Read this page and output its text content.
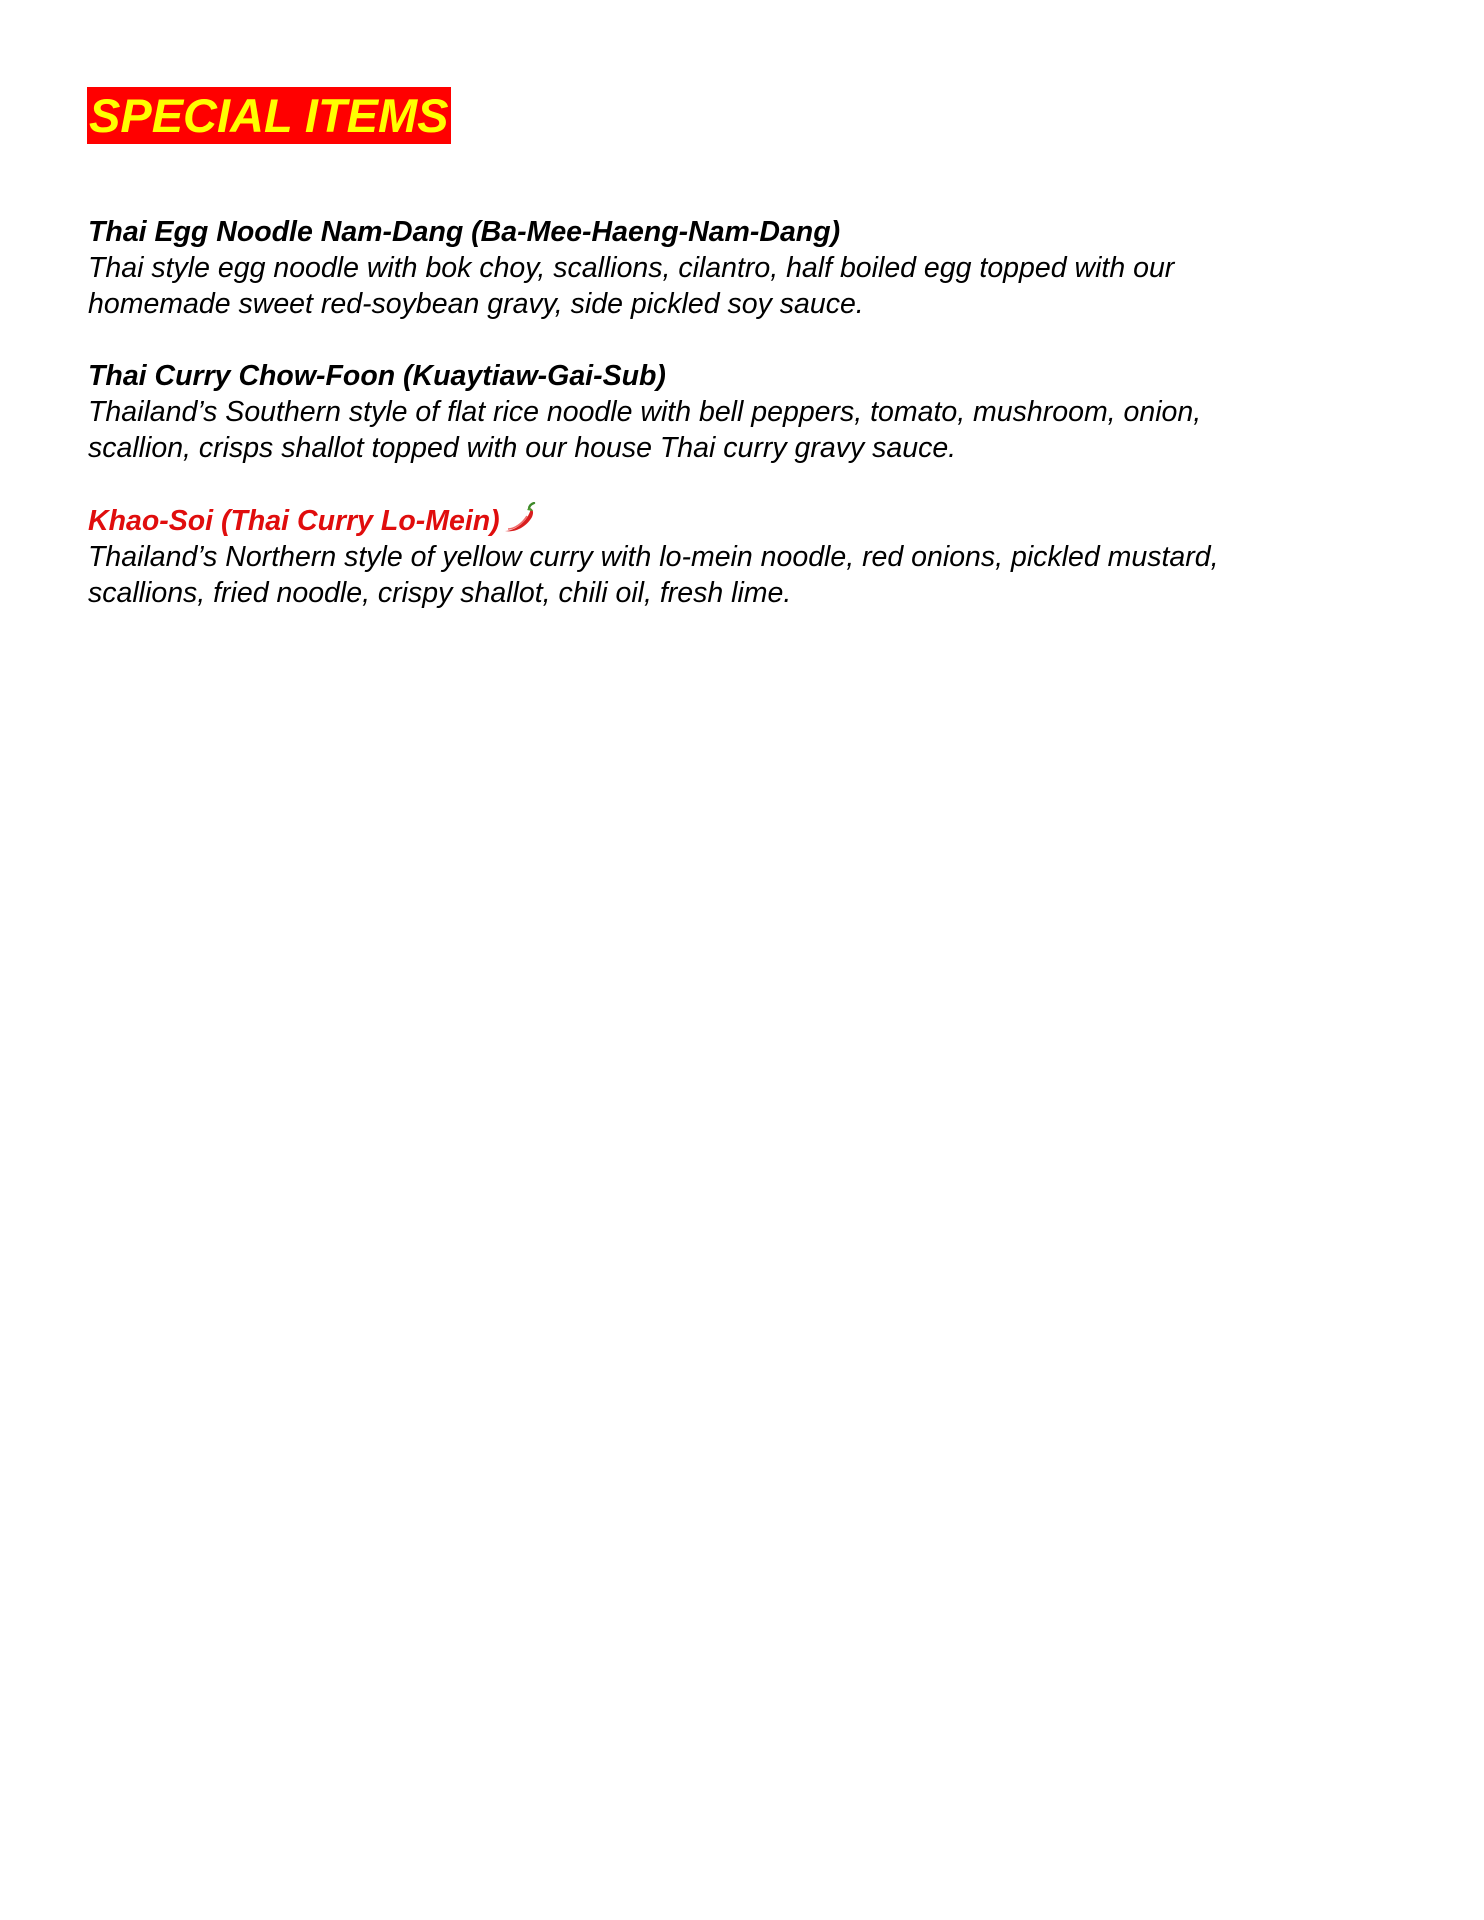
SPECIAL ITEMS
Thai Egg Noodle Nam-Dang (Ba-Mee-Haeng-Nam-Dang)
Thai style egg noodle with bok choy, scallions, cilantro, half boiled egg topped with our
homemade sweet red-soybean gravy, side pickled soy sauce.
Thai Curry Chow-Foon (Kuaytiaw-Gai-Sub)
Thailand’s Southern style of flat rice noodle with bell peppers, tomato, mushroom, onion,
scallion, crisps shallot topped with our house Thai curry gravy sauce.
Khao-Soi (Thai Curry Lo-Mein)
Thailand’s Northern style of yellow curry with lo-mein noodle, red onions, pickled mustard,
scallions, fried noodle, crispy shallot, chili oil, fresh lime.
